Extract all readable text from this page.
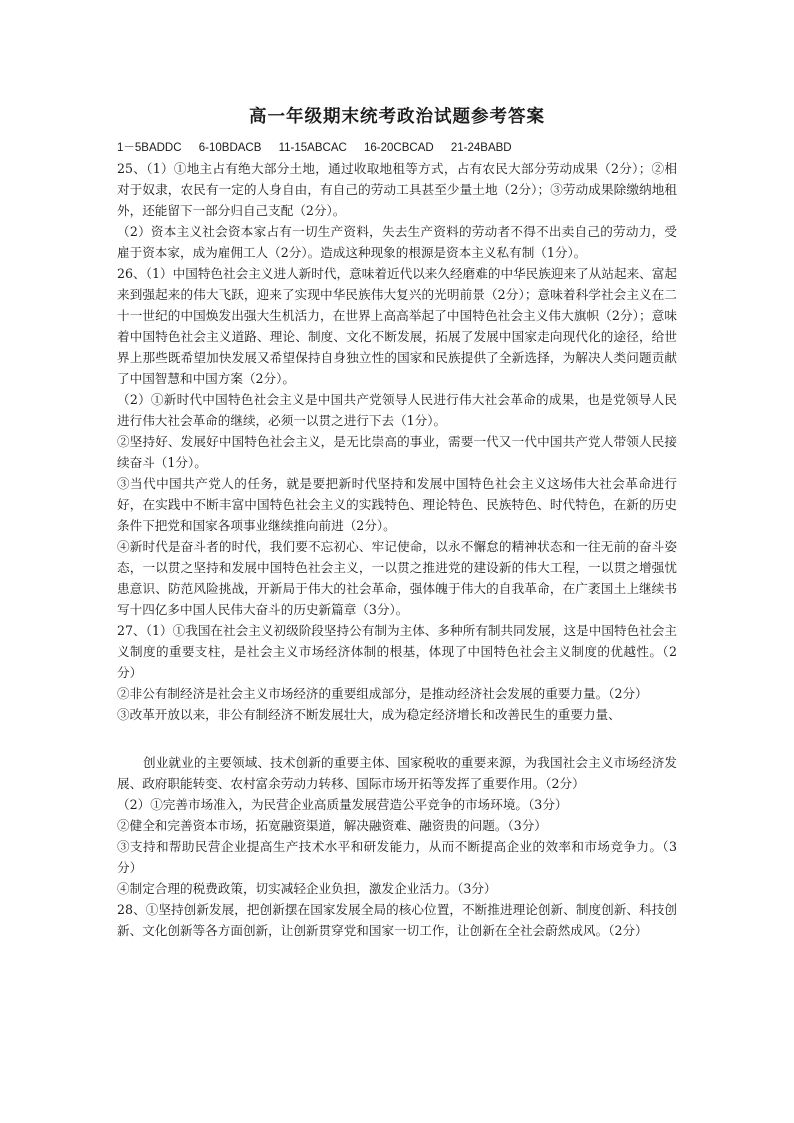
高一年级期末统考政治试题参考答案
1－5BADDC 6-10BDACB 11-15ABCAC 16-20CBCAD 21-24BABD

25、（1）①地主占有绝大部分土地，通过收取地租等方式，占有农民大部分劳动成果（2分）；②相对于奴隶，农民有一定的人身自由，有自己的劳动工具甚至少量土地（2分）；③劳动成果除缴纳地租外，还能留下一部分归自己支配（2分）。

（2）资本主义社会资本家占有一切生产资料，失去生产资料的劳动者不得不出卖自己的劳动力，受雇于资本家，成为雇佣工人（2分）。造成这种现象的根源是资本主义私有制（1分）。

26、（1）中国特色社会主义进人新时代，意味着近代以来久经磨难的中华民族迎来了从站起来、富起来到强起来的伟大飞跃，迎来了实现中华民族伟大复兴的光明前景（2分）；意味着科学社会主义在二十一世纪的中国焕发出强大生机活力，在世界上高高举起了中国特色社会主义伟大旗帜（2分）；意味着中国特色社会主义道路、理论、制度、文化不断发展，拓展了发展中国家走向现代化的途径，给世界上那些既希望加快发展又希望保持自身独立性的国家和民族提供了全新选择，为解决人类问题贡献了中国智慧和中国方案（2分）。

（2）①新时代中国特色社会主义是中国共产党领导人民进行伟大社会革命的成果，也是党领导人民进行伟大社会革命的继续，必须一以贯之进行下去（1分）。

②坚持好、发展好中国特色社会主义，是无比崇高的事业，需要一代又一代中国共产党人带领人民接续奋斗（1分）。

③当代中国共产党人的任务，就是要把新时代坚持和发展中国特色社会主义这场伟大社会革命进行好，在实践中不断丰富中国特色社会主义的实践特色、理论特色、民族特色、时代特色，在新的历史条件下把党和国家各项事业继续推向前进（2分）。

④新时代是奋斗者的时代，我们要不忘初心、牢记使命，以永不懈怠的精神状态和一往无前的奋斗姿态，一以贯之坚持和发展中国特色社会主义，一以贯之推进党的建设新的伟大工程，一以贯之增强忧患意识、防范风险挑战，开新局于伟大的社会革命，强体魄于伟大的自我革命，在广袤国土上继续书写十四亿多中国人民伟大奋斗的历史新篇章（3分）。

27、（1）①我国在社会主义初级阶段坚持公有制为主体、多种所有制共同发展，这是中国特色社会主义制度的重要支柱，是社会主义市场经济体制的根基，体现了中国特色社会主义制度的优越性。（2分）

②非公有制经济是社会主义市场经济的重要组成部分，是推动经济社会发展的重要力量。（2分）

③改革开放以来，非公有制经济不断发展壮大，成为稳定经济增长和改善民生的重要力量、

创业就业的主要领域、技术创新的重要主体、国家税收的重要来源，为我国社会主义市场经济发展、政府职能转变、农村富余劳动力转移、国际市场开拓等发挥了重要作用。（2分）

（2）①完善市场准入，为民营企业高质量发展营造公平竞争的市场环境。（3分）

②健全和完善资本市场，拓宽融资渠道，解决融资难、融资贵的问题。（3分）

③支持和帮助民营企业提高生产技术水平和研发能力，从而不断提高企业的效率和市场竞争力。（3分）

④制定合理的税费政策，切实减轻企业负担，激发企业活力。（3分）

28、①坚持创新发展，把创新摆在国家发展全局的核心位置，不断推进理论创新、制度创新、科技创新、文化创新等各方面创新，让创新贯穿党和国家一切工作，让创新在全社会蔚然成风。（2分）
